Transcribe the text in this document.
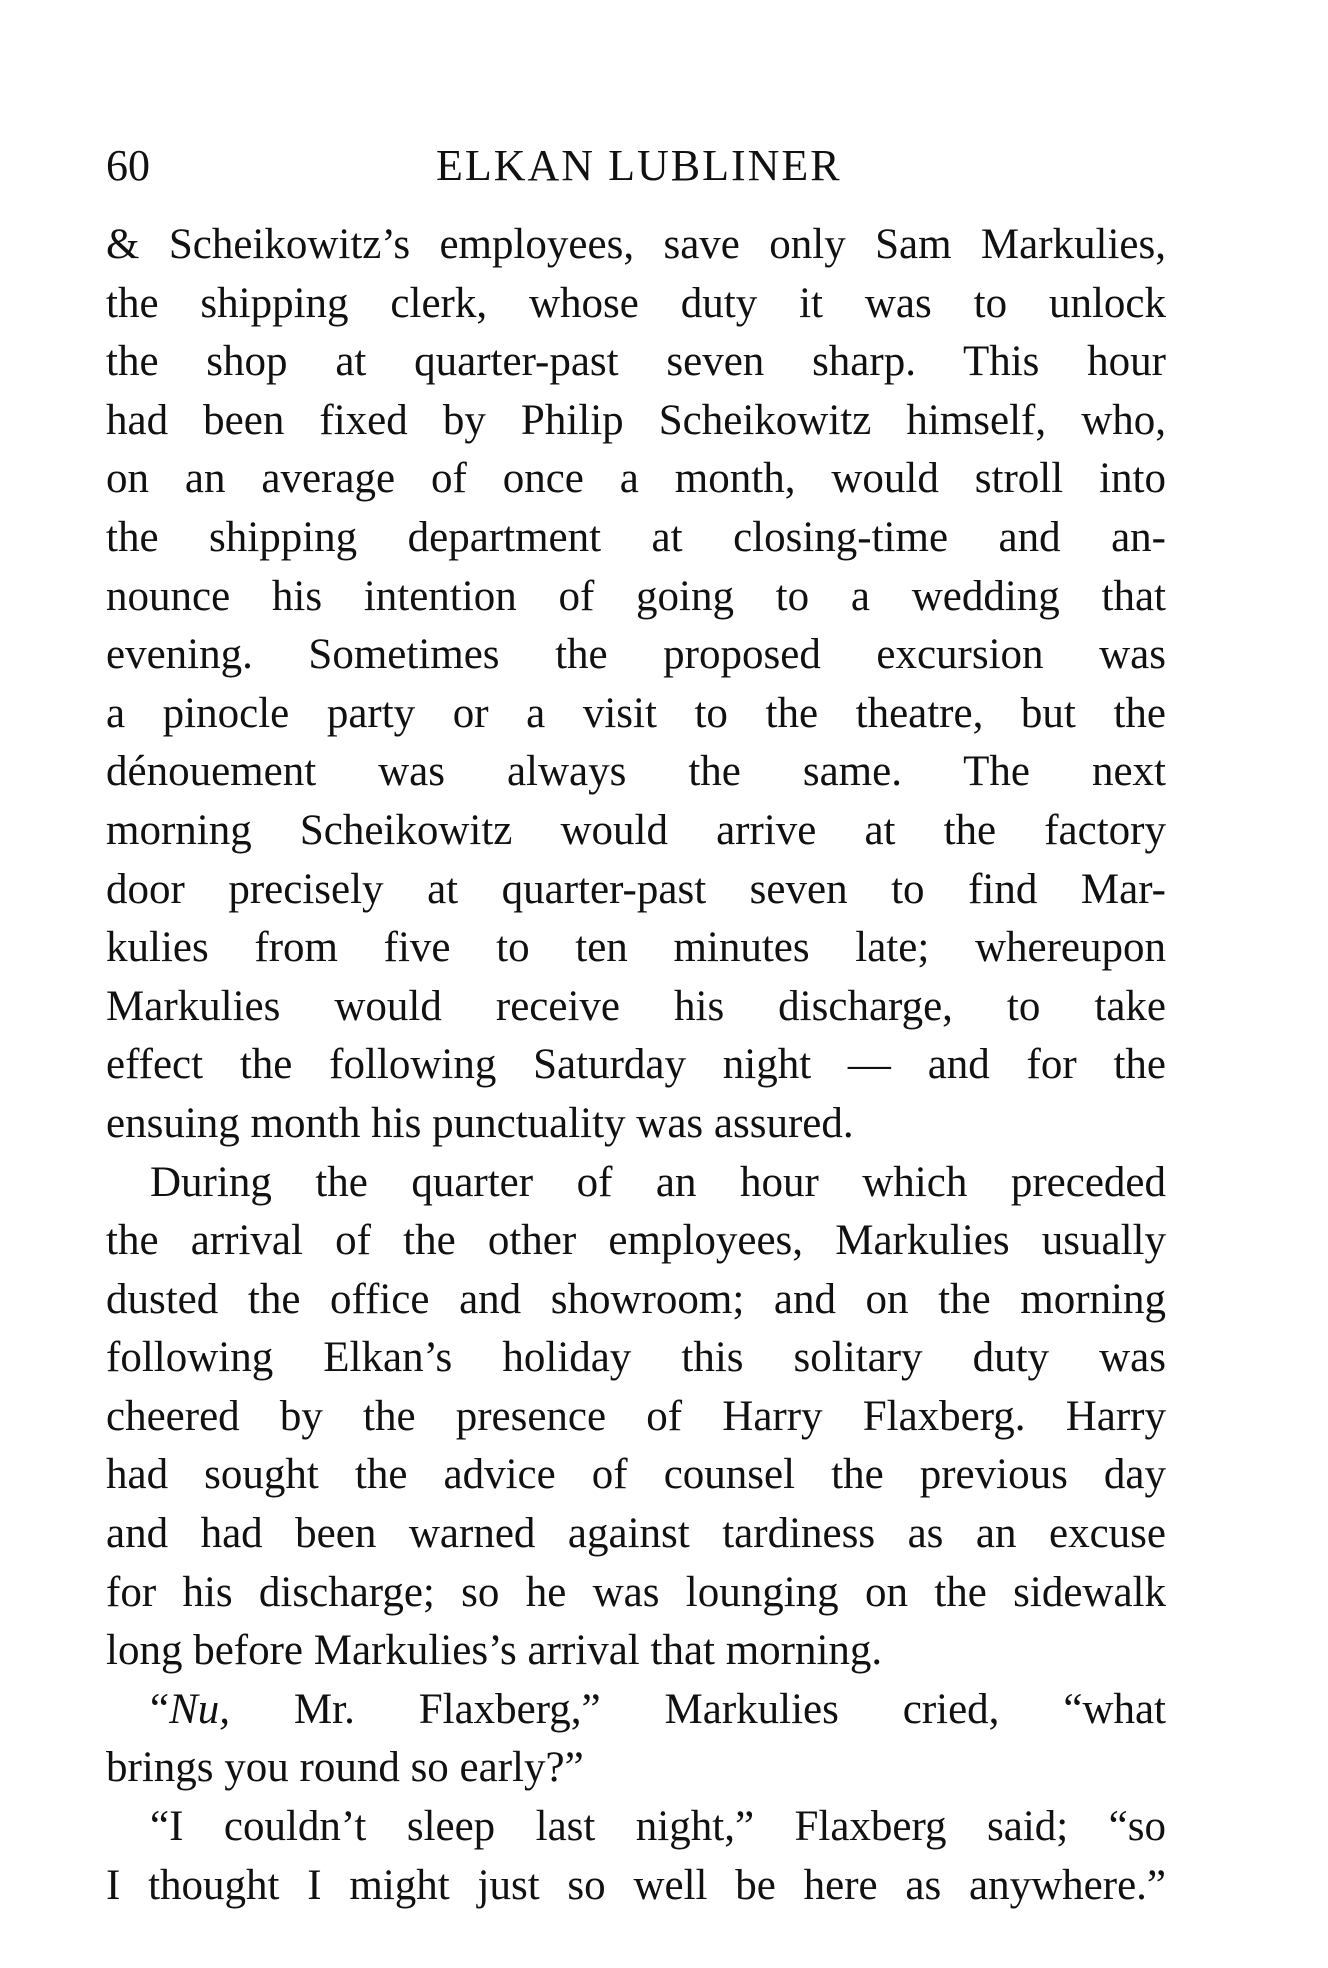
60	ELKAN LUBLINER
& Scheikowitz’s employees, save only Sam Markulies,
the shipping clerk, whose duty it was to unlock
the shop at quarter-past seven sharp. This hour
had been fixed by Philip Scheikowitz himself, who,
on an average of once a month, would stroll into
the shipping department at closing-time and an-
nounce his intention of going to a wedding that
evening. Sometimes the proposed excursion was
a pinocle party or a visit to the theatre, but the
dénouement was always the same. The next
morning Scheikowitz would arrive at the factory
door precisely at quarter-past seven to find Mar-
kulies from five to ten minutes late; whereupon
Markulies would receive his discharge, to take
effect the following Saturday night — and for the
ensuing month his punctuality was assured.
During the quarter of an hour which preceded
the arrival of the other employees, Markulies usually
dusted the office and showroom; and on the morning
following Elkan’s holiday this solitary duty was
cheered by the presence of Harry Flaxberg. Harry
had sought the advice of counsel the previous day
and had been warned against tardiness as an excuse
for his discharge; so he was lounging on the sidewalk
long before Markulies’s arrival that morning.
“Nu, Mr. Flaxberg,” Markulies cried, “what
brings you round so early?”
“I couldn’t sleep last night,” Flaxberg said; “so
I thought I might just so well be here as anywhere.”
